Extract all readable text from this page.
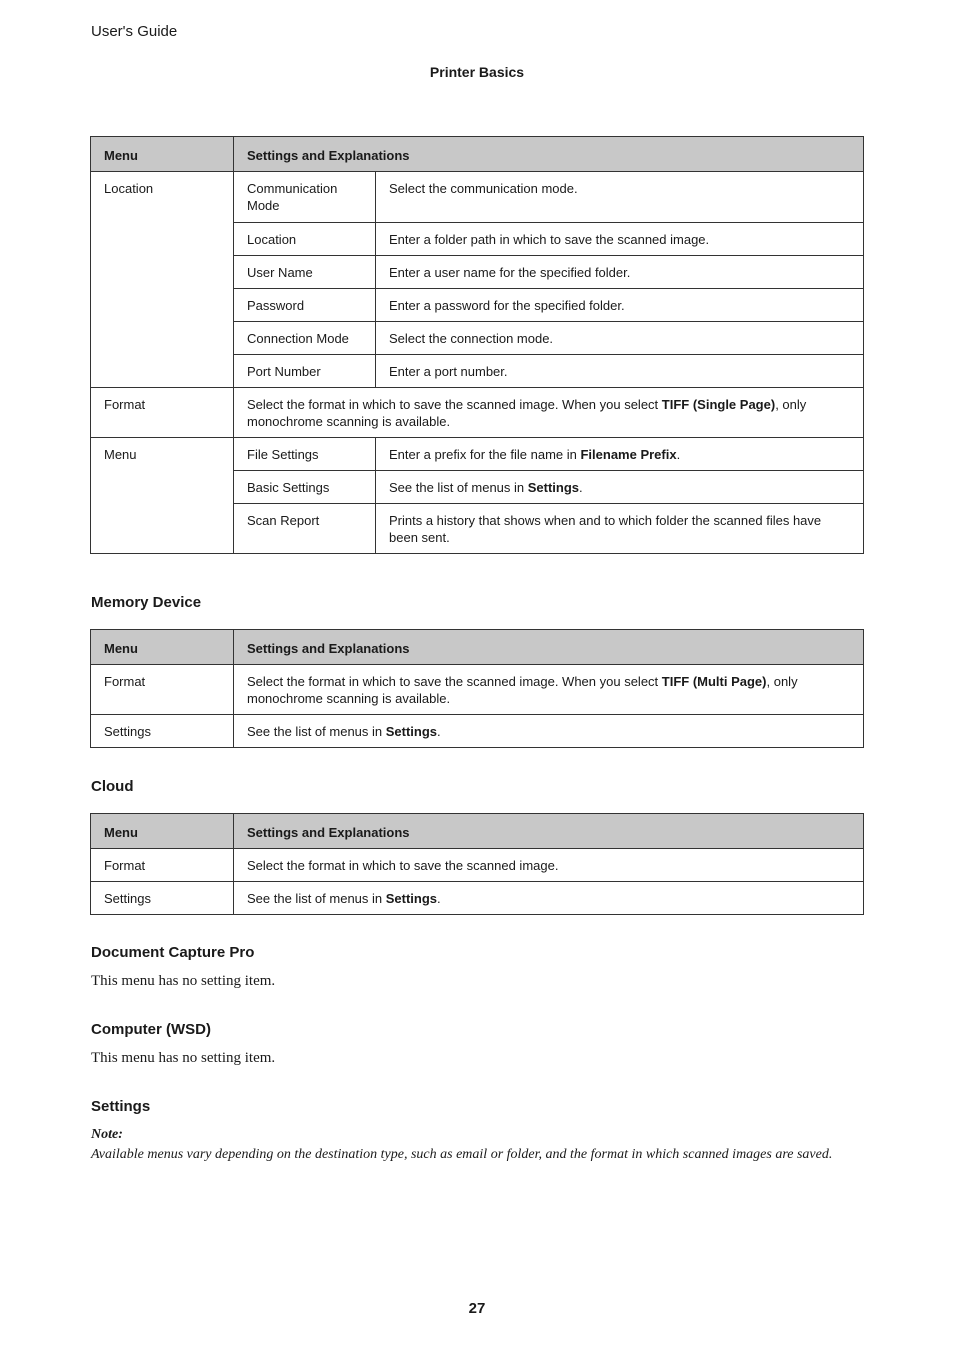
User's Guide
Printer Basics
Menu	Settings and Explanations	
Location	Communication Mode	Select the communication mode.
	Location	Enter a folder path in which to save the scanned image.
	User Name	Enter a user name for the specified folder.
	Password	Enter a password for the specified folder.
	Connection Mode	Select the connection mode.
	Port Number	Enter a port number.
Format	Select the format in which to save the scanned image. When you select TIFF (Single Page), only monochrome scanning is available.	
Menu	File Settings	Enter a prefix for the file name in Filename Prefix.
	Basic Settings	See the list of menus in Settings.
	Scan Report	Prints a history that shows when and to which folder the scanned files have been sent.
Memory Device
Menu	Settings and Explanations
Format	Select the format in which to save the scanned image. When you select TIFF (Multi Page), only monochrome scanning is available.
Settings	See the list of menus in Settings.
Cloud
Menu	Settings and Explanations
Format	Select the format in which to save the scanned image.
Settings	See the list of menus in Settings.
Document Capture Pro
This menu has no setting item.
Computer (WSD)
This menu has no setting item.
Settings
Note:
Available menus vary depending on the destination type, such as email or folder, and the format in which scanned images are saved.
27
